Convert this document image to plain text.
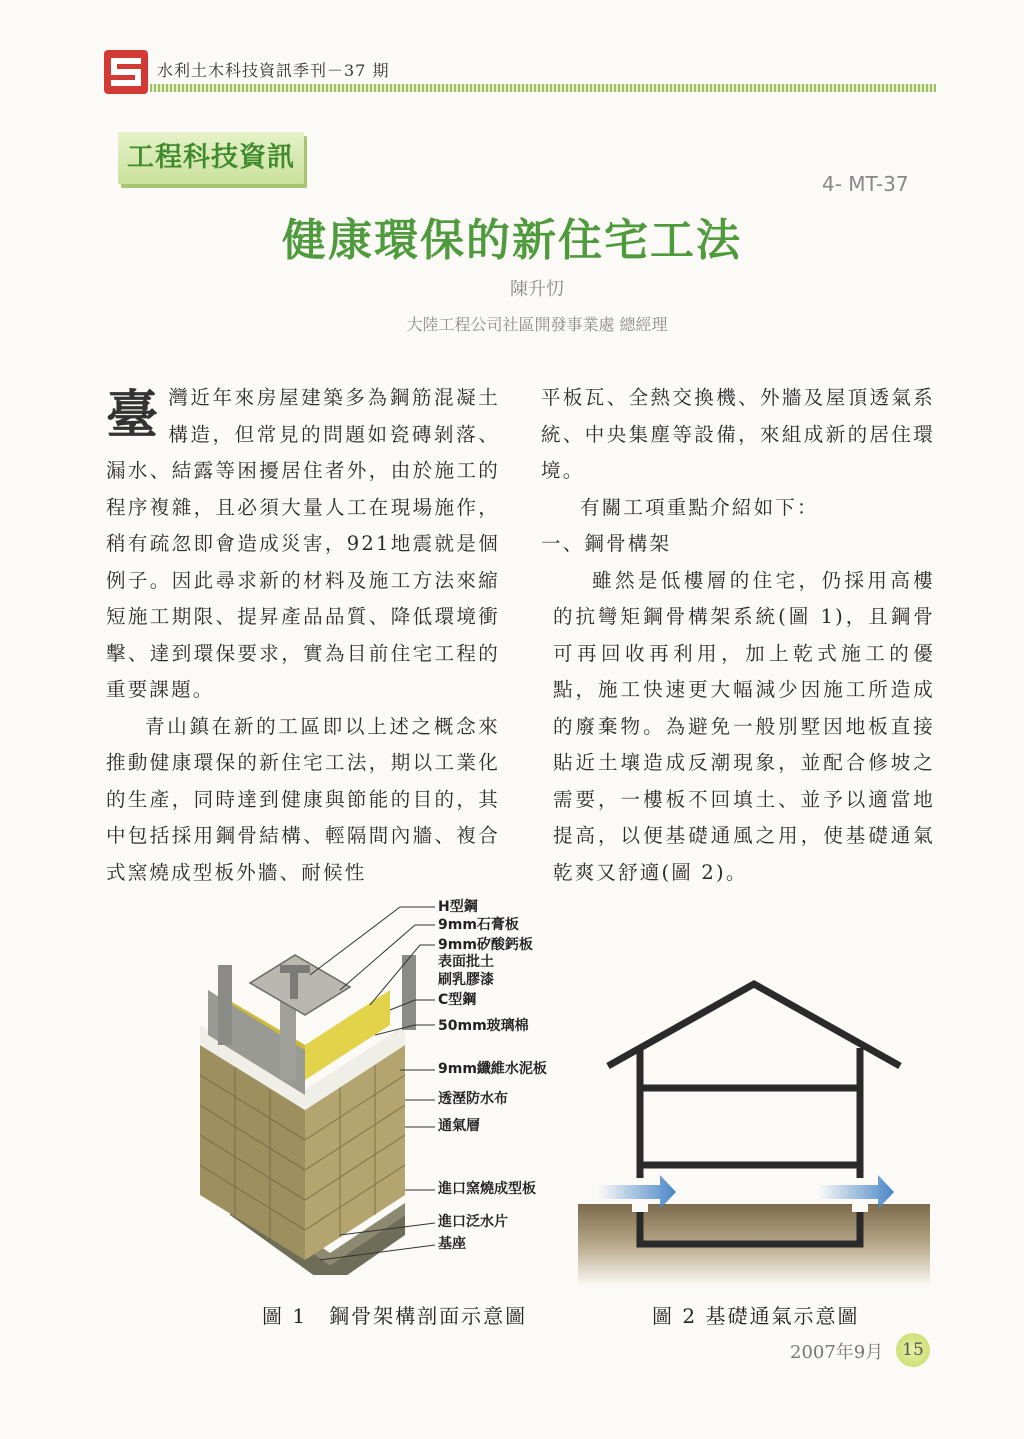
水利土木科技資訊季刊－37 期
工程科技資訊
4- MT-37
健康環保的新住宅工法
陳升忉
大陸工程公司社區開發事業處 總經理

臺灣近年來房屋建築多為鋼筋混凝土構造，但常見的問題如瓷磚剝落、漏水、結露等困擾居住者外，由於施工的程序複雜，且必須大量人工在現場施作，稍有疏忽即會造成災害，921地震就是個例子。因此尋求新的材料及施工方法來縮短施工期限、提昇產品品質、降低環境衝擊、達到環保要求，實為目前住宅工程的重要課題。

青山鎮在新的工區即以上述之概念來推動健康環保的新住宅工法，期以工業化的生產，同時達到健康與節能的目的，其中包括採用鋼骨結構、輕隔間內牆、複合式窯燒成型板外牆、耐候性

平板瓦、全熱交換機、外牆及屋頂透氣系統、中央集塵等設備，來組成新的居住環境。

有關工項重點介紹如下：

一、鋼骨構架

雖然是低樓層的住宅，仍採用高樓的抗彎矩鋼骨構架系統(圖 1)，且鋼骨可再回收再利用，加上乾式施工的優點，施工快速更大幅減少因施工所造成的廢棄物。為避免一般別墅因地板直接貼近土壤造成反潮現象，並配合修坡之需要，一樓板不回填土、並予以適當地提高，以便基礎通風之用，使基礎通氣乾爽又舒適(圖 2)。

H型鋼
9mm石膏板
9mm矽酸鈣板
表面批土
刷乳膠漆
C型鋼
50mm玻璃棉
9mm纖維水泥板
透溼防水布
通氣層
進口窯燒成型板
進口泛水片
基座
圖 1　鋼骨架構剖面示意圖	圖 2 基礎通氣示意圖
2007年9月	15
